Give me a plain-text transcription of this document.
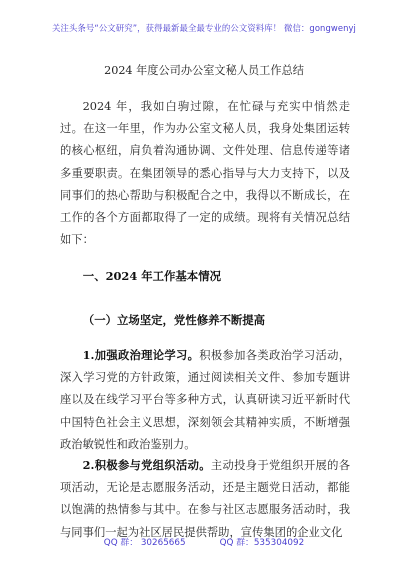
关注头条号“公文研究”，获得最新最全最专业的公文资料库！ 微信：gongwenyj
2024 年度公司办公室文秘人员工作总结

2024 年，我如白驹过隙，在忙碌与充实中悄然走过。在这一年里，作为办公室文秘人员，我身处集团运转的核心枢纽，肩负着沟通协调、文件处理、信息传递等诸多重要职责。在集团领导的悉心指导与大力支持下，以及同事们的热心帮助与积极配合之中，我得以不断成长，在工作的各个方面都取得了一定的成绩。现将有关情况总结如下：

一、2024 年工作基本情况

（一）立场坚定，党性修养不断提高

1.加强政治理论学习。积极参加各类政治学习活动，深入学习党的方针政策，通过阅读相关文件、参加专题讲座以及在线学习平台等多种方式，认真研读习近平新时代中国特色社会主义思想，深刻领会其精神实质，不断增强政治敏锐性和政治鉴别力。

2.积极参与党组织活动。主动投身于党组织开展的各项活动，无论是志愿服务活动，还是主题党日活动，都能以饱满的热情参与其中。在参与社区志愿服务活动时，我与同事们一起为社区居民提供帮助，宣传集团的企业文化

QQ 群： 30265665	QQ 群：535304092
